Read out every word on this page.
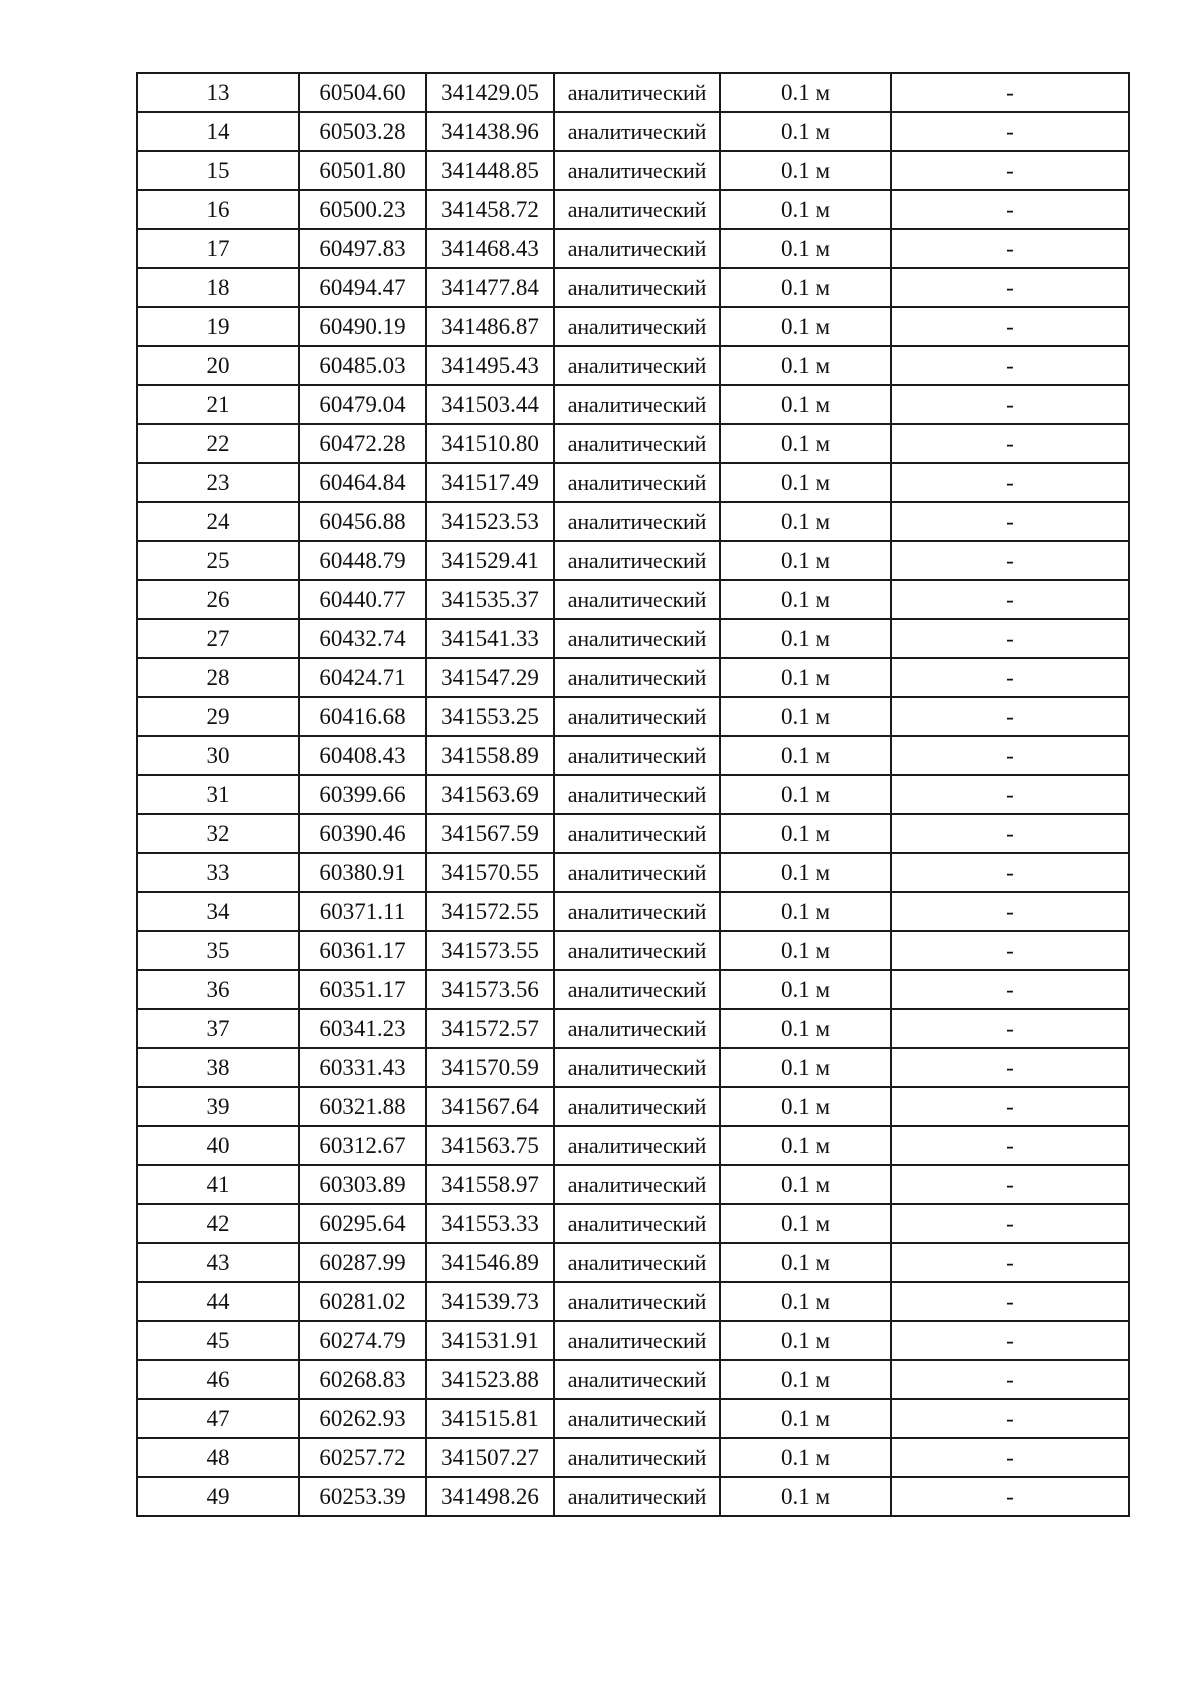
13	60504.60	341429.05	аналитический	0.1 м	-
14	60503.28	341438.96	аналитический	0.1 м	-
15	60501.80	341448.85	аналитический	0.1 м	-
16	60500.23	341458.72	аналитический	0.1 м	-
17	60497.83	341468.43	аналитический	0.1 м	-
18	60494.47	341477.84	аналитический	0.1 м	-
19	60490.19	341486.87	аналитический	0.1 м	-
20	60485.03	341495.43	аналитический	0.1 м	-
21	60479.04	341503.44	аналитический	0.1 м	-
22	60472.28	341510.80	аналитический	0.1 м	-
23	60464.84	341517.49	аналитический	0.1 м	-
24	60456.88	341523.53	аналитический	0.1 м	-
25	60448.79	341529.41	аналитический	0.1 м	-
26	60440.77	341535.37	аналитический	0.1 м	-
27	60432.74	341541.33	аналитический	0.1 м	-
28	60424.71	341547.29	аналитический	0.1 м	-
29	60416.68	341553.25	аналитический	0.1 м	-
30	60408.43	341558.89	аналитический	0.1 м	-
31	60399.66	341563.69	аналитический	0.1 м	-
32	60390.46	341567.59	аналитический	0.1 м	-
33	60380.91	341570.55	аналитический	0.1 м	-
34	60371.11	341572.55	аналитический	0.1 м	-
35	60361.17	341573.55	аналитический	0.1 м	-
36	60351.17	341573.56	аналитический	0.1 м	-
37	60341.23	341572.57	аналитический	0.1 м	-
38	60331.43	341570.59	аналитический	0.1 м	-
39	60321.88	341567.64	аналитический	0.1 м	-
40	60312.67	341563.75	аналитический	0.1 м	-
41	60303.89	341558.97	аналитический	0.1 м	-
42	60295.64	341553.33	аналитический	0.1 м	-
43	60287.99	341546.89	аналитический	0.1 м	-
44	60281.02	341539.73	аналитический	0.1 м	-
45	60274.79	341531.91	аналитический	0.1 м	-
46	60268.83	341523.88	аналитический	0.1 м	-
47	60262.93	341515.81	аналитический	0.1 м	-
48	60257.72	341507.27	аналитический	0.1 м	-
49	60253.39	341498.26	аналитический	0.1 м	-
